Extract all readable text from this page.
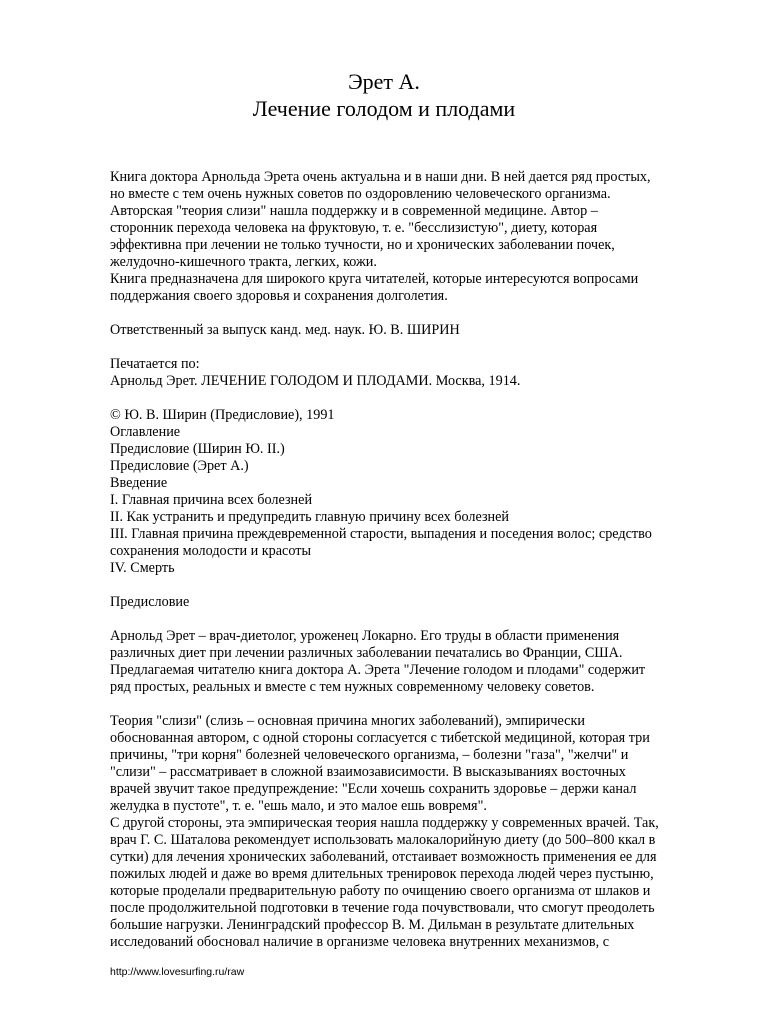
Эрет А.
Лечение голодом и плодами
Книга доктора Арнольда Эрета очень актуальна и в наши дни. В ней дается ряд простых,
но вместе с тем очень нужных советов по оздоровлению человеческого организма.
Авторская "теория слизи" нашла поддержку и в современной медицине. Автор –
сторонник перехода человека на фруктовую, т. е. "бесслизистую", диету, которая
эффективна при лечении не только тучности, но и хронических заболевании почек,
желудочно-кишечного тракта, легких, кожи.
Книга предназначена для широкого круга читателей, которые интересуются вопросами
поддержания своего здоровья и сохранения долголетия.
Ответственный за выпуск канд. мед. наук. Ю. В. ШИРИН
Печатается по:
Арнольд Эрет. ЛЕЧЕНИЕ ГОЛОДОМ И ПЛОДАМИ. Москва, 1914.
© Ю. В. Ширин (Предисловие), 1991
Оглавление
Предисловие (Ширин Ю. II.)
Предисловие (Эрет А.)
Введение
I. Главная причина всех болезней
II. Как устранить и предупредить главную причину всех болезней
III. Главная причина преждевременной старости, выпадения и поседения волос; средство
сохранения молодости и красоты
IV. Смерть
Предисловие
Арнольд Эрет – врач-диетолог, уроженец Локарно. Его труды в области применения
различных диет при лечении различных заболевании печатались во Франции, США.
Предлагаемая читателю книга доктора А. Эрета "Лечение голодом и плодами" содержит
ряд простых, реальных и вместе с тем нужных современному человеку советов.
Теория "слизи" (слизь – основная причина многих заболеваний), эмпирически
обоснованная автором, с одной стороны согласуется с тибетской медициной, которая три
причины, "три корня" болезней человеческого организма, – болезни "газа", "желчи" и
"слизи" – рассматривает в сложной взаимозависимости. В высказываниях восточных
врачей звучит такое предупреждение: "Если хочешь сохранить здоровье – держи канал
желудка в пустоте", т. е. "ешь мало, и это малое ешь вовремя".
С другой стороны, эта эмпирическая теория нашла поддержку у современных врачей. Так,
врач Г. С. Шаталова рекомендует использовать малокалорийную диету (до 500–800 ккал в
сутки) для лечения хронических заболеваний, отстаивает возможность применения ее для
пожилых людей и даже во время длительных тренировок перехода людей через пустыню,
которые проделали предварительную работу по очищению своего организма от шлаков и
после продолжительной подготовки в течение года почувствовали, что смогут преодолеть
большие нагрузки. Ленинградский профессор В. М. Дильман в результате длительных
исследований обосновал наличие в организме человека внутренних механизмов, с
http://www.lovesurfing.ru/raw
